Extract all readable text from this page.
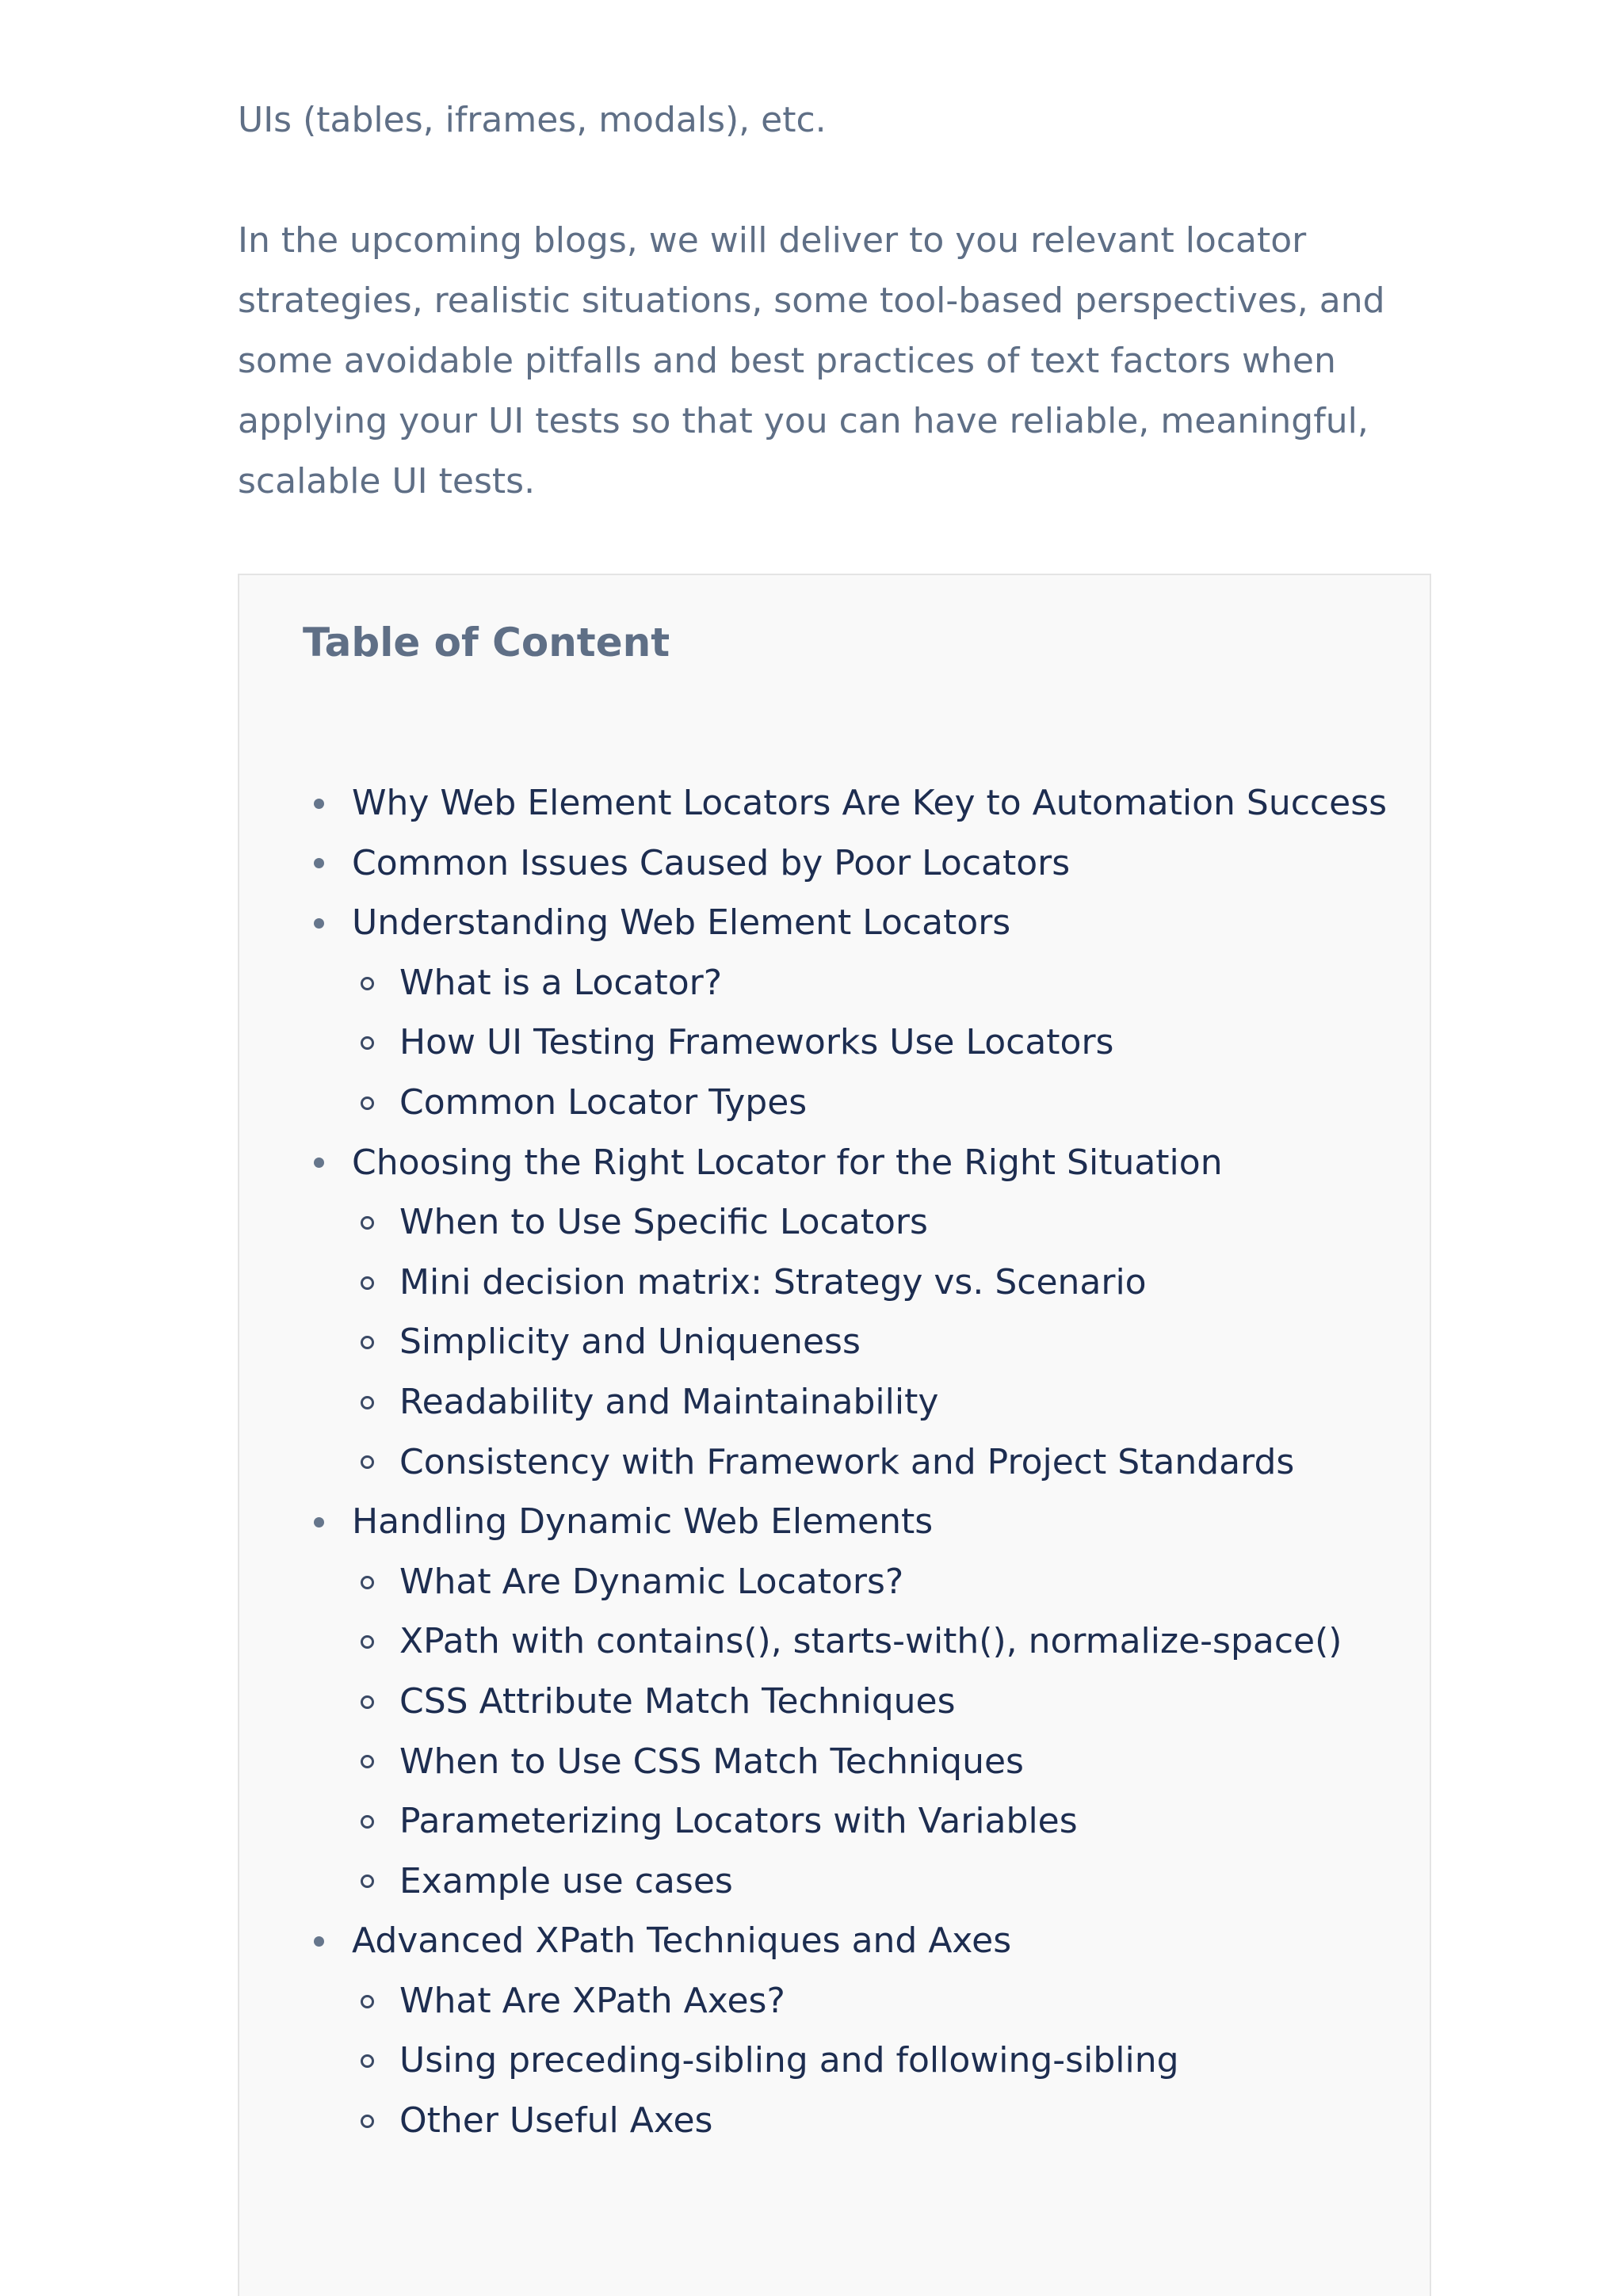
UIs (tables, iframes, modals), etc.

In the upcoming blogs, we will deliver to you relevant locator strategies, realistic situations, some tool-based perspectives, and some avoidable pitfalls and best practices of text factors when applying your UI tests so that you can have reliable, meaningful, scalable UI tests.

Table of Content
Why Web Element Locators Are Key to Automation Success
Common Issues Caused by Poor Locators
Understanding Web Element Locators
What is a Locator?
How UI Testing Frameworks Use Locators
Common Locator Types
Choosing the Right Locator for the Right Situation
When to Use Specific Locators
Mini decision matrix: Strategy vs. Scenario
Simplicity and Uniqueness
Readability and Maintainability
Consistency with Framework and Project Standards
Handling Dynamic Web Elements
What Are Dynamic Locators?
XPath with contains(), starts-with(), normalize-space()
CSS Attribute Match Techniques
When to Use CSS Match Techniques
Parameterizing Locators with Variables
Example use cases
Advanced XPath Techniques and Axes
What Are XPath Axes?
Using preceding-sibling and following-sibling
Other Useful Axes
